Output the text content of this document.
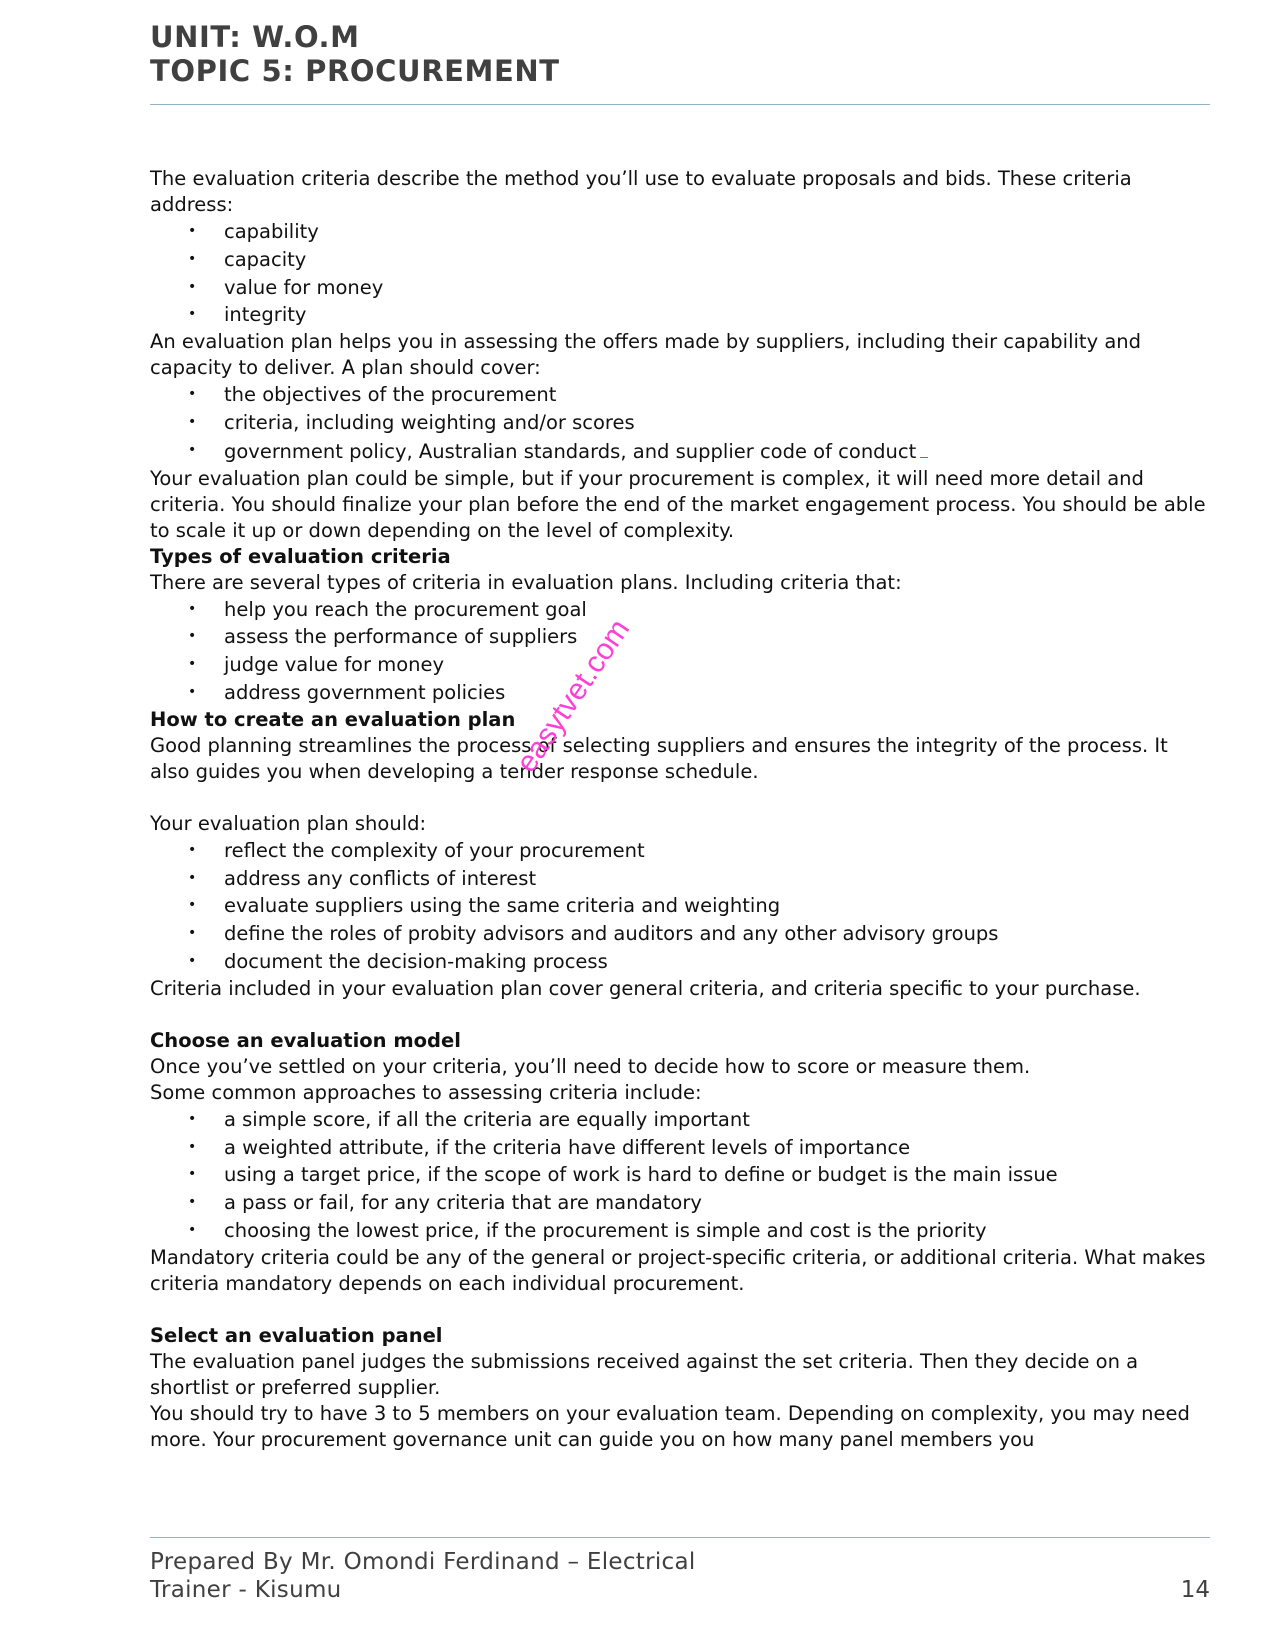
UNIT: W.O.M
TOPIC 5: PROCUREMENT

The evaluation criteria describe the method you’ll use to evaluate proposals and bids. These criteria address:

• capability
• capacity
• value for money
• integrity

An evaluation plan helps you in assessing the offers made by suppliers, including their capability and capacity to deliver. A plan should cover:

• the objectives of the procurement
• criteria, including weighting and/or scores
• government policy, Australian standards, and supplier code of conduct

Your evaluation plan could be simple, but if your procurement is complex, it will need more detail and criteria. You should finalize your plan before the end of the market engagement process. You should be able to scale it up or down depending on the level of complexity.

Types of evaluation criteria

There are several types of criteria in evaluation plans. Including criteria that:

• help you reach the procurement goal
• assess the performance of suppliers
• judge value for money
• address government policies
How to create an evaluation plan

Good planning streamlines the process of selecting suppliers and ensures the integrity of the process. It also guides you when developing a tender response schedule.

Your evaluation plan should:

• reflect the complexity of your procurement
• address any conflicts of interest
• evaluate suppliers using the same criteria and weighting
• define the roles of probity advisors and auditors and any other advisory groups
• document the decision-making process

Criteria included in your evaluation plan cover general criteria, and criteria specific to your purchase.

Choose an evaluation model

Once you’ve settled on your criteria, you’ll need to decide how to score or measure them.

Some common approaches to assessing criteria include:

• a simple score, if all the criteria are equally important
• a weighted attribute, if the criteria have different levels of importance
• using a target price, if the scope of work is hard to define or budget is the main issue
• a pass or fail, for any criteria that are mandatory
• choosing the lowest price, if the procurement is simple and cost is the priority

Mandatory criteria could be any of the general or project-specific criteria, or additional criteria. What makes criteria mandatory depends on each individual procurement.

Select an evaluation panel

The evaluation panel judges the submissions received against the set criteria. Then they decide on a shortlist or preferred supplier.

You should try to have 3 to 5 members on your evaluation team. Depending on complexity, you may need more. Your procurement governance unit can guide you on how many panel members you

easytvet.com
Prepared By Mr. Omondi Ferdinand – Electrical
Trainer - Kisumu	14
